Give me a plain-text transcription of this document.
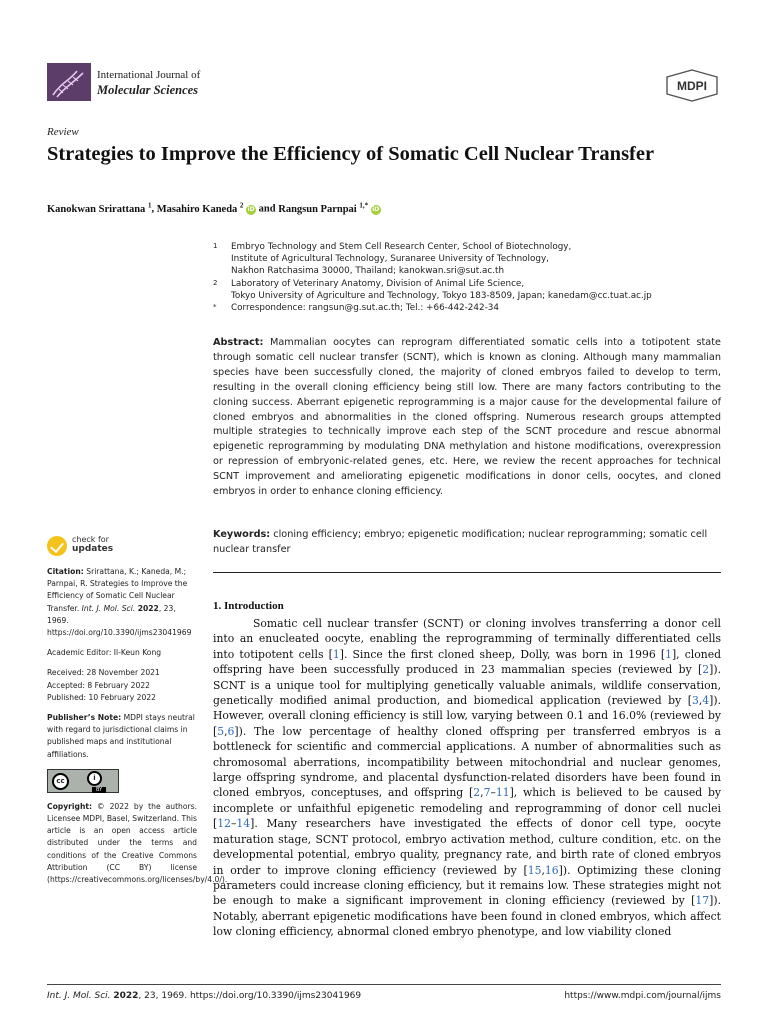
International Journal of
Molecular Sciences	MDPI
Review
Strategies to Improve the Efficiency of Somatic Cell Nuclear Transfer
Kanokwan Srirattana $^1$, Masahiro Kaneda $^2$ iD and Rangsun Parnpai $^{1,*}$ iD
1 Embryo Technology and Stem Cell Research Center, School of Biotechnology,
Institute of Agricultural Technology, Suranaree University of Technology,
Nakhon Ratchasima 30000, Thailand; kanokwan.sri@sut.ac.th
2 Laboratory of Veterinary Anatomy, Division of Animal Life Science,
Tokyo University of Agriculture and Technology, Tokyo 183-8509, Japan; kanedam@cc.tuat.ac.jp
* Correspondence: rangsun@g.sut.ac.th; Tel.: +66-442-242-34
Abstract: Mammalian oocytes can reprogram differentiated somatic cells into a totipotent state through somatic cell nuclear transfer (SCNT), which is known as cloning. Although many mammalian species have been successfully cloned, the majority of cloned embryos failed to develop to term, resulting in the overall cloning efficiency being still low. There are many factors contributing to the cloning success. Aberrant epigenetic reprogramming is a major cause for the developmental failure of cloned embryos and abnormalities in the cloned offspring. Numerous research groups attempted multiple strategies to technically improve each step of the SCNT procedure and rescue abnormal epigenetic reprogramming by modulating DNA methylation and histone modifications, overexpression or repression of embryonic-related genes, etc. Here, we review the recent approaches for technical SCNT improvement and ameliorating epigenetic modifications in donor cells, oocytes, and cloned embryos in order to enhance cloning efficiency.
Keywords: cloning efficiency; embryo; epigenetic modification; nuclear reprogramming; somatic cell nuclear transfer
check for
updates
Citation: Srirattana, K.; Kaneda, M.; Parnpai, R. Strategies to Improve the Efficiency of Somatic Cell Nuclear Transfer. Int. J. Mol. Sci. 2022, 23, 1969. https://doi.org/10.3390/ijms23041969
Academic Editor: Il-Keun Kong
Received: 28 November 2021
Accepted: 8 February 2022
Published: 10 February 2022
Publisher’s Note: MDPI stays neutral with regard to jurisdictional claims in published maps and institutional affiliations.
cc	i
BY
Copyright: © 2022 by the authors. Licensee MDPI, Basel, Switzerland. This article is an open access article distributed under the terms and conditions of the Creative Commons Attribution (CC BY) license (https://creativecommons.org/licenses/by/4.0/).
1. Introduction
Somatic cell nuclear transfer (SCNT) or cloning involves transferring a donor cell into an enucleated oocyte, enabling the reprogramming of terminally differentiated cells into totipotent cells [1]. Since the first cloned sheep, Dolly, was born in 1996 [1], cloned offspring have been successfully produced in 23 mammalian species (reviewed by [2]). SCNT is a unique tool for multiplying genetically valuable animals, wildlife conservation, genetically modified animal production, and biomedical application (reviewed by [3,4]). However, overall cloning efficiency is still low, varying between 0.1 and 16.0% (reviewed by [5,6]). The low percentage of healthy cloned offspring per transferred embryos is a bottleneck for scientific and commercial applications. A number of abnormalities such as chromosomal aberrations, incompatibility between mitochondrial and nuclear genomes, large offspring syndrome, and placental dysfunction-related disorders have been found in cloned embryos, conceptuses, and offspring [2,7–11], which is believed to be caused by incomplete or unfaithful epigenetic remodeling and reprogramming of donor cell nuclei [12–14]. Many researchers have investigated the effects of donor cell type, oocyte maturation stage, SCNT protocol, embryo activation method, culture condition, etc. on the developmental potential, embryo quality, pregnancy rate, and birth rate of cloned embryos in order to improve cloning efficiency (reviewed by [15,16]). Optimizing these cloning parameters could increase cloning efficiency, but it remains low. These strategies might not be enough to make a significant improvement in cloning efficiency (reviewed by [17]). Notably, aberrant epigenetic modifications have been found in cloned embryos, which affect low cloning efficiency, abnormal cloned embryo phenotype, and low viability cloned
Int. J. Mol. Sci. 2022, 23, 1969. https://doi.org/10.3390/ijms23041969	https://www.mdpi.com/journal/ijms
